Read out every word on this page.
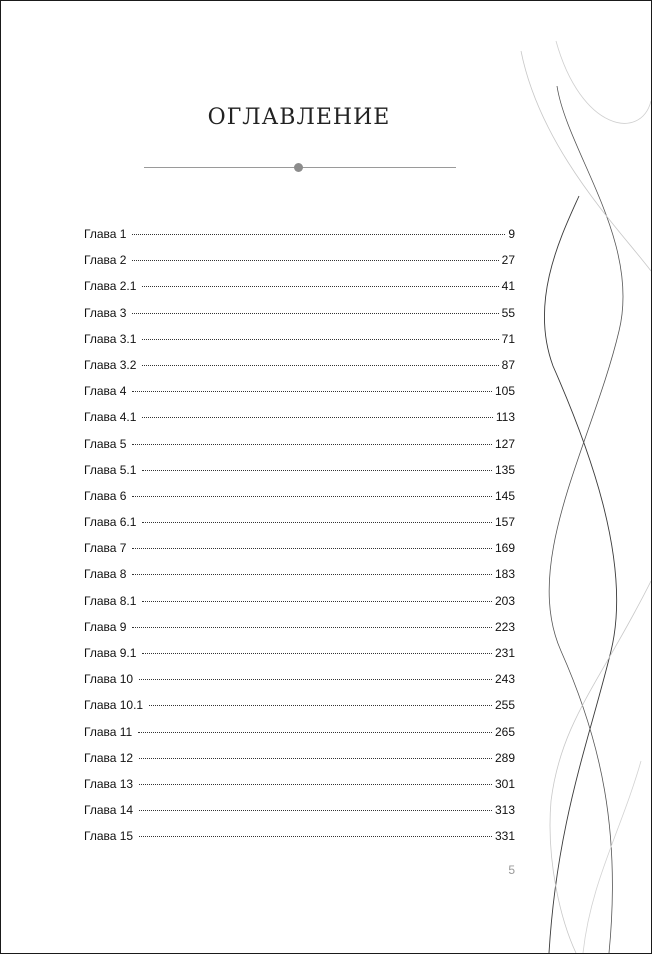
ОГЛАВЛЕНИЕ
Глава 1	9
Глава 2	27
Глава 2.1	41
Глава 3	55
Глава 3.1	71
Глава 3.2	87
Глава 4	105
Глава 4.1	113
Глава 5	127
Глава 5.1	135
Глава 6	145
Глава 6.1	157
Глава 7	169
Глава 8	183
Глава 8.1	203
Глава 9	223
Глава 9.1	231
Глава 10	243
Глава 10.1	255
Глава 11	265
Глава 12	289
Глава 13	301
Глава 14	313
Глава 15	331
5
